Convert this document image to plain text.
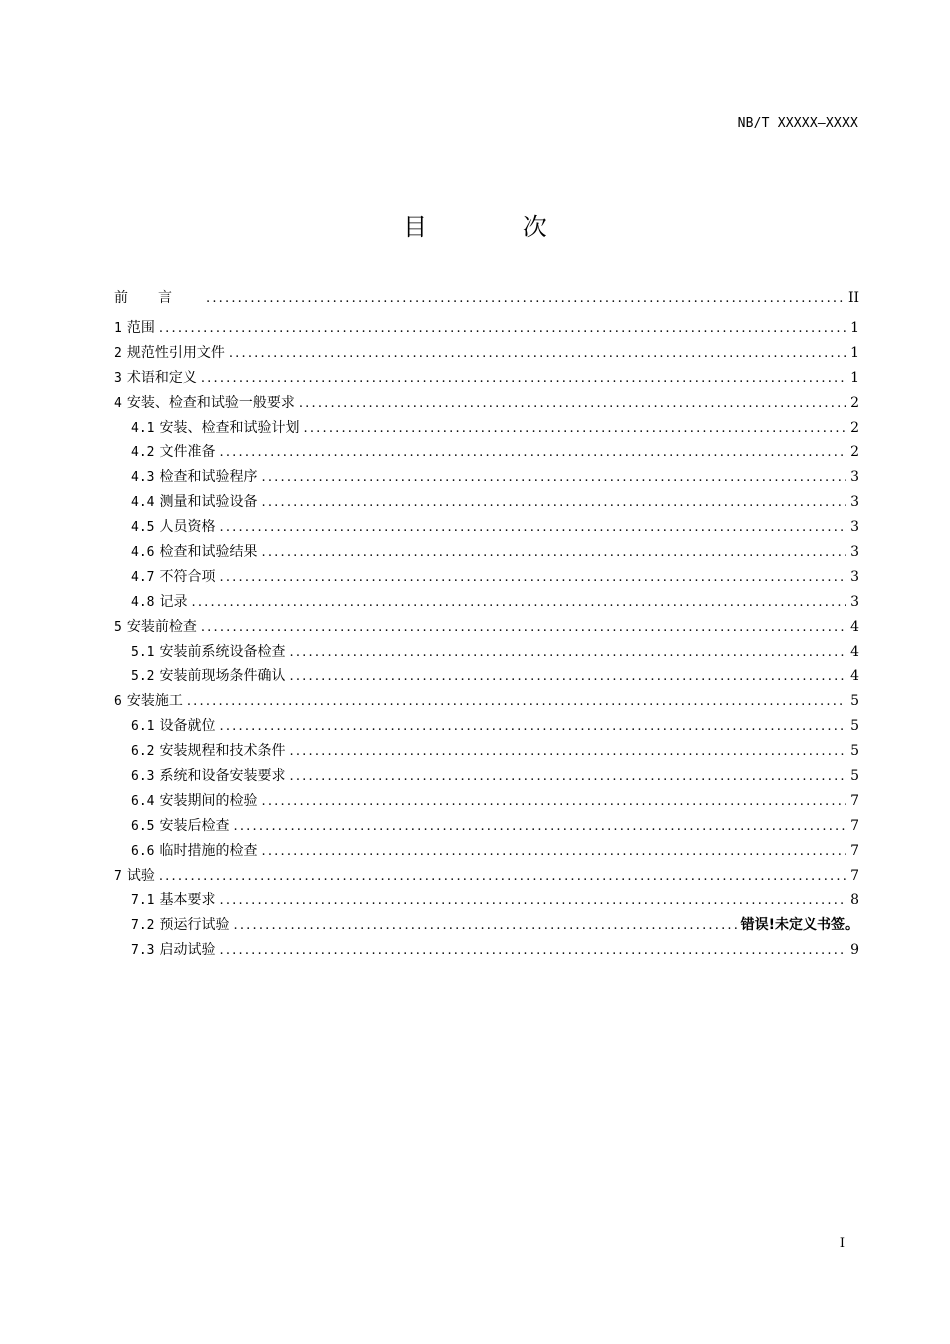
NB/T XXXXX—XXXX
目 次
前言 .....	II
1 范围 .....	1
2 规范性引用文件 .....	1
3 术语和定义 .....	1
4 安装、检查和试验一般要求 .....	2
4.1 安装、检查和试验计划 .....	2
4.2 文件准备 .....	2
4.3 检查和试验程序 .....	3
4.4 测量和试验设备 .....	3
4.5 人员资格 .....	3
4.6 检查和试验结果 .....	3
4.7 不符合项 .....	3
4.8 记录 .....	3
5 安装前检查 .....	4
5.1 安装前系统设备检查 .....	4
5.2 安装前现场条件确认 .....	4
6 安装施工 .....	5
6.1 设备就位 .....	5
6.2 安装规程和技术条件 .....	5
6.3 系统和设备安装要求 .....	5
6.4 安装期间的检验 .....	7
6.5 安装后检查 .....	7
6.6 临时措施的检查 .....	7
7 试验 .....	7
7.1 基本要求 .....	8
7.2 预运行试验 .....	错误!未定义书签。
7.3 启动试验 .....	9
I
